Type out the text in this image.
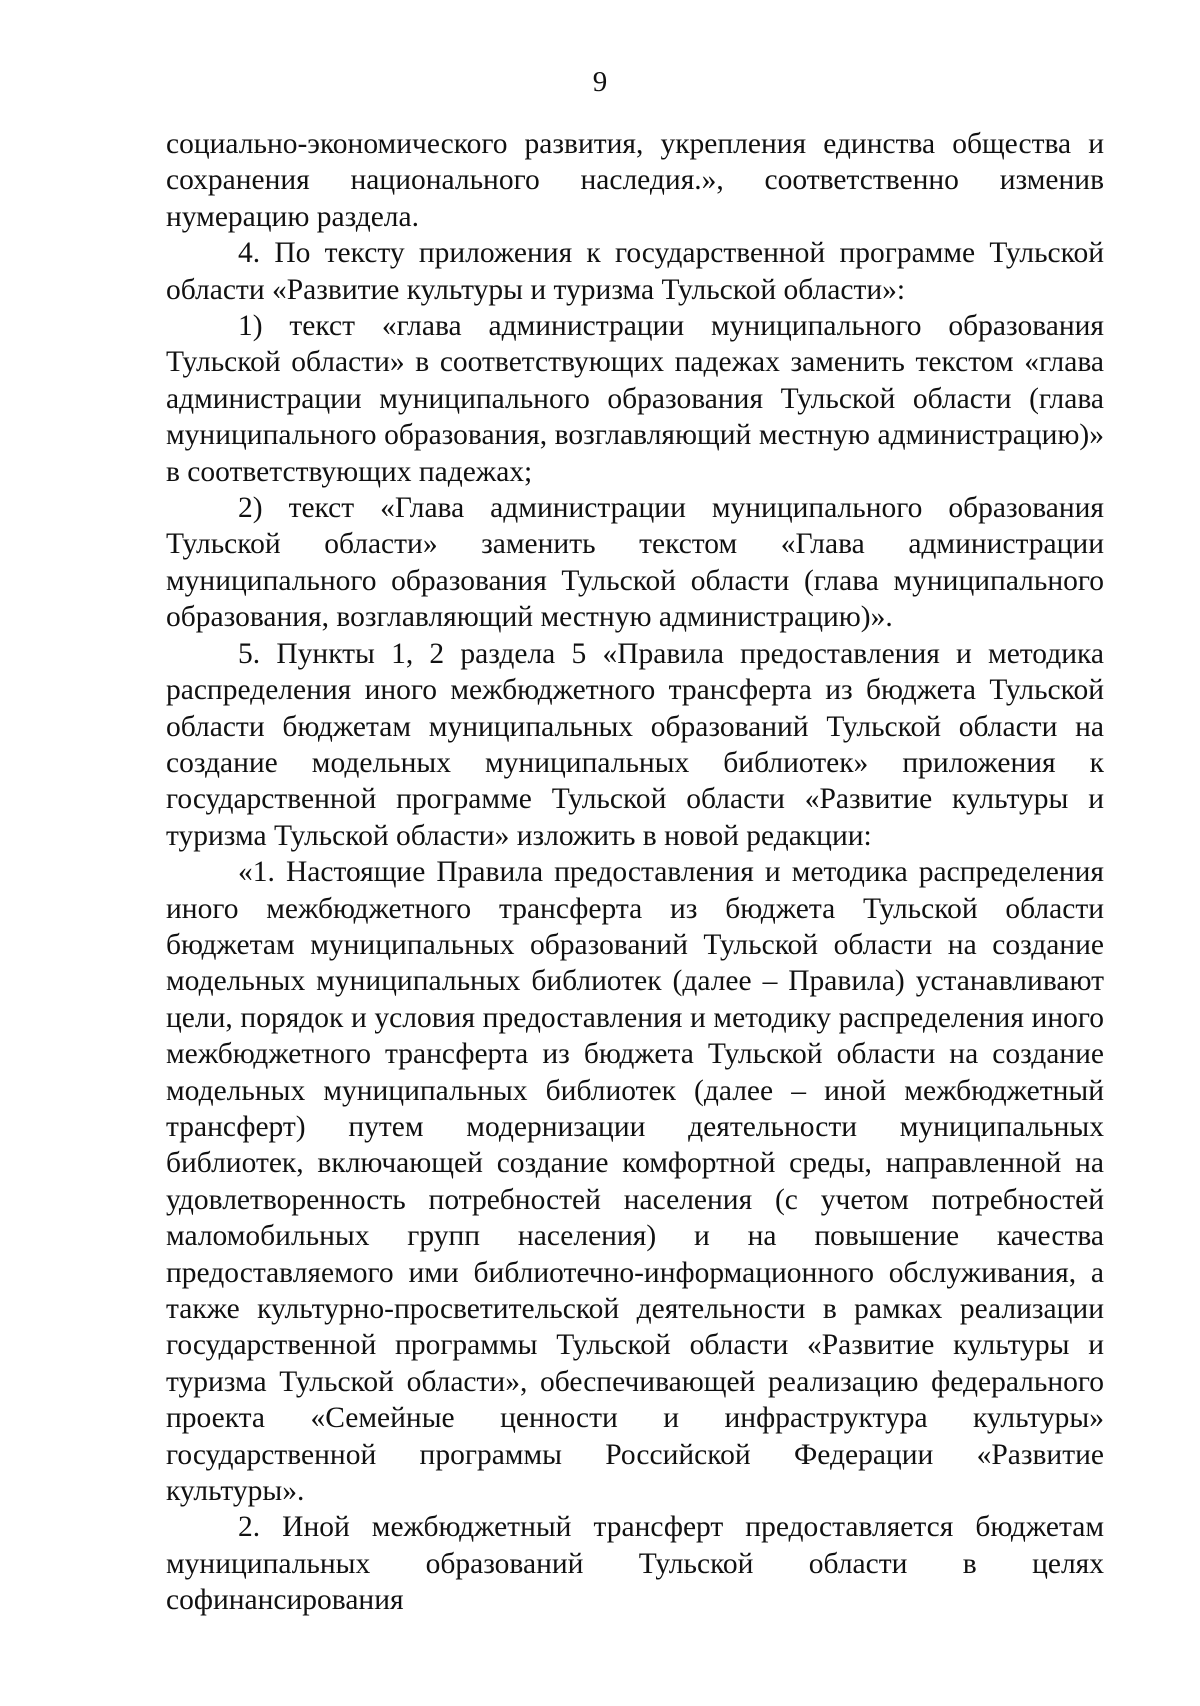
9

социально-экономического развития, укрепления единства общества и сохранения национального наследия.», соответственно изменив нумерацию раздела.

4. По тексту приложения к государственной программе Тульской области «Развитие культуры и туризма Тульской области»:

1) текст «глава администрации муниципального образования Тульской области» в соответствующих падежах заменить текстом «глава администрации муниципального образования Тульской области (глава муниципального образования, возглавляющий местную администрацию)» в соответствующих падежах;

2) текст «Глава администрации муниципального образования Тульской области» заменить текстом «Глава администрации муниципального образования Тульской области (глава муниципального образования, возглавляющий местную администрацию)».

5. Пункты 1, 2 раздела 5 «Правила предоставления и методика распределения иного межбюджетного трансферта из бюджета Тульской области бюджетам муниципальных образований Тульской области на создание модельных муниципальных библиотек» приложения к государственной программе Тульской области «Развитие культуры и туризма Тульской области» изложить в новой редакции:

«1. Настоящие Правила предоставления и методика распределения иного межбюджетного трансферта из бюджета Тульской области бюджетам муниципальных образований Тульской области на создание модельных муниципальных библиотек (далее – Правила) устанавливают цели, порядок и условия предоставления и методику распределения иного межбюджетного трансферта из бюджета Тульской области на создание модельных муниципальных библиотек (далее – иной межбюджетный трансферт) путем модернизации деятельности муниципальных библиотек, включающей создание комфортной среды, направленной на удовлетворенность потребностей населения (с учетом потребностей маломобильных групп населения) и на повышение качества предоставляемого ими библиотечно-информационного обслуживания, а также культурно-просветительской деятельности в рамках реализации государственной программы Тульской области «Развитие культуры и туризма Тульской области», обеспечивающей реализацию федерального проекта «Семейные ценности и инфраструктура культуры» государственной программы Российской Федерации «Развитие культуры».

2. Иной межбюджетный трансферт предоставляется бюджетам муниципальных образований Тульской области в целях софинансирования
